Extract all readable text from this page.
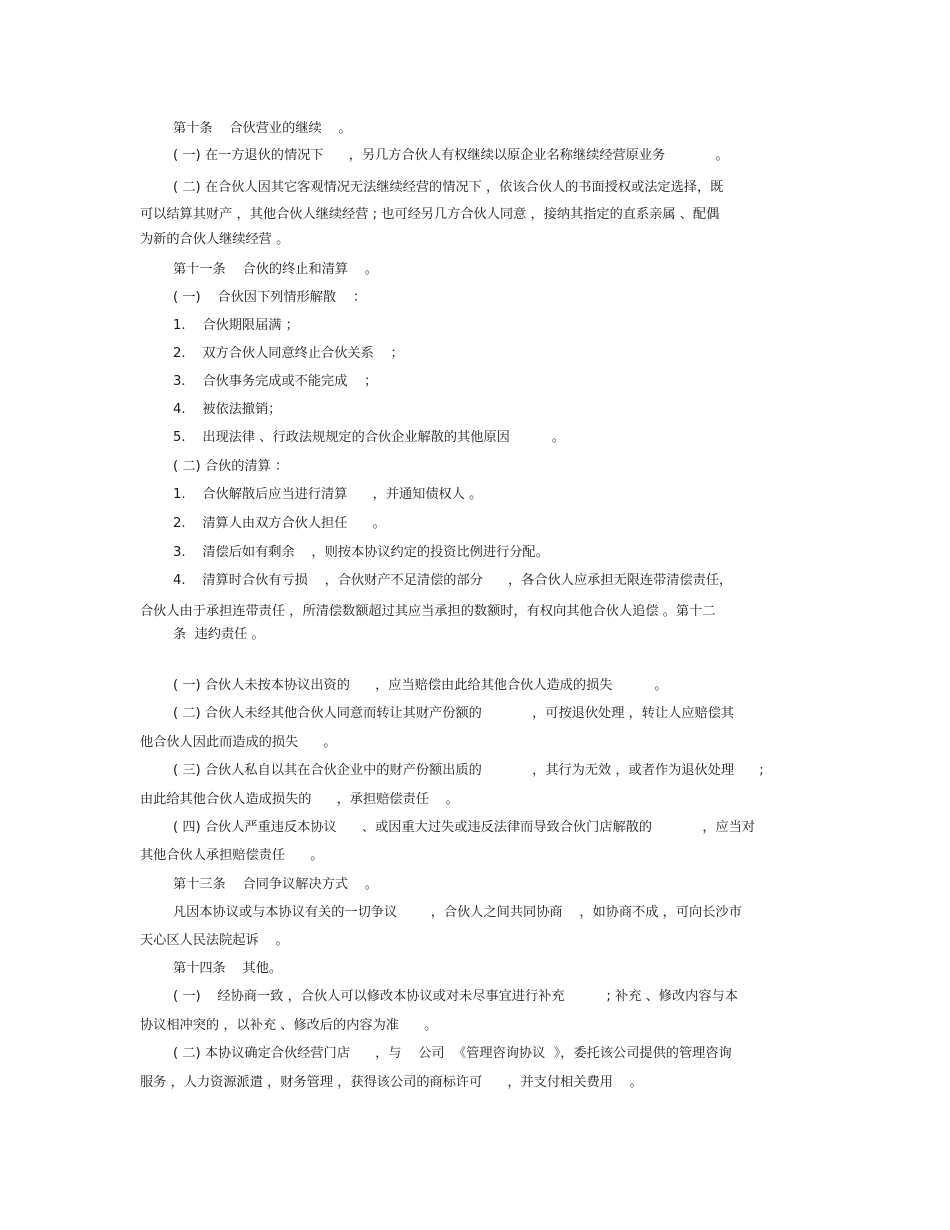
第十条    合伙营业的继续    。
( 一) 在一方退伙的情况下      ，另几方合伙人有权继续以原企业名称继续经营原业务            。
( 二) 在合伙人因其它客观情况无法继续经营的情况下 ，依该合伙人的书面授权或法定选择，既
可以结算其财产 ，其他合伙人继续经营 ; 也可经另几方合伙人同意 ，接纳其指定的直系亲属 、配偶
为新的合伙人继续经营 。
第十一条    合伙的终止和清算    。
( 一)    合伙因下列情形解散    ：
1.    合伙期限届满 ；
2.    双方合伙人同意终止合伙关系    ；
3.    合伙事务完成或不能完成    ；
4.    被依法撤销；
5.    出现法律 、行政法规规定的合伙企业解散的其他原因          。
( 二) 合伙的清算 ：
1.    合伙解散后应当进行清算      ，并通知债权人 。
2.    清算人由双方合伙人担任      。
3.    清偿后如有剩余    ，则按本协议约定的投资比例进行分配。
4.    清算时合伙有亏损    ，合伙财产不足清偿的部分      ，各合伙人应承担无限连带清偿责任，
合伙人由于承担连带责任 ，所清偿数额超过其应当承担的数额时，有权向其他合伙人追偿 。第十二
条  违约责任 。
( 一) 合伙人未按本协议出资的      ，应当赔偿由此给其他合伙人造成的损失          。
( 二) 合伙人未经其他合伙人同意而转让其财产份额的            ，可按退伙处理 ，转让人应赔偿其
他合伙人因此而造成的损失      。
( 三) 合伙人私自以其在合伙企业中的财产份额出质的            ，其行为无效 ，或者作为退伙处理      ;
由此给其他合伙人造成损失的      ，承担赔偿责任    。
( 四) 合伙人严重违反本协议      、或因重大过失或违反法律而导致合伙门店解散的            ，应当对
其他合伙人承担赔偿责任      。
第十三条    合同争议解决方式    。
凡因本协议或与本协议有关的一切争议        ，合伙人之间共同协商    ，如协商不成 ，可向长沙市
天心区人民法院起诉    。
第十四条    其他。
( 一)    经协商一致 ，合伙人可以修改本协议或对未尽事宜进行补充          ; 补充 、修改内容与本
协议相冲突的 ，以补充 、修改后的内容为准      。
( 二) 本协议确定合伙经营门店      ，与    公司  《管理咨询协议  》，委托该公司提供的管理咨询
服务 ，人力资源派遣 ，财务管理 ，获得该公司的商标许可      ，并支付相关费用    。
